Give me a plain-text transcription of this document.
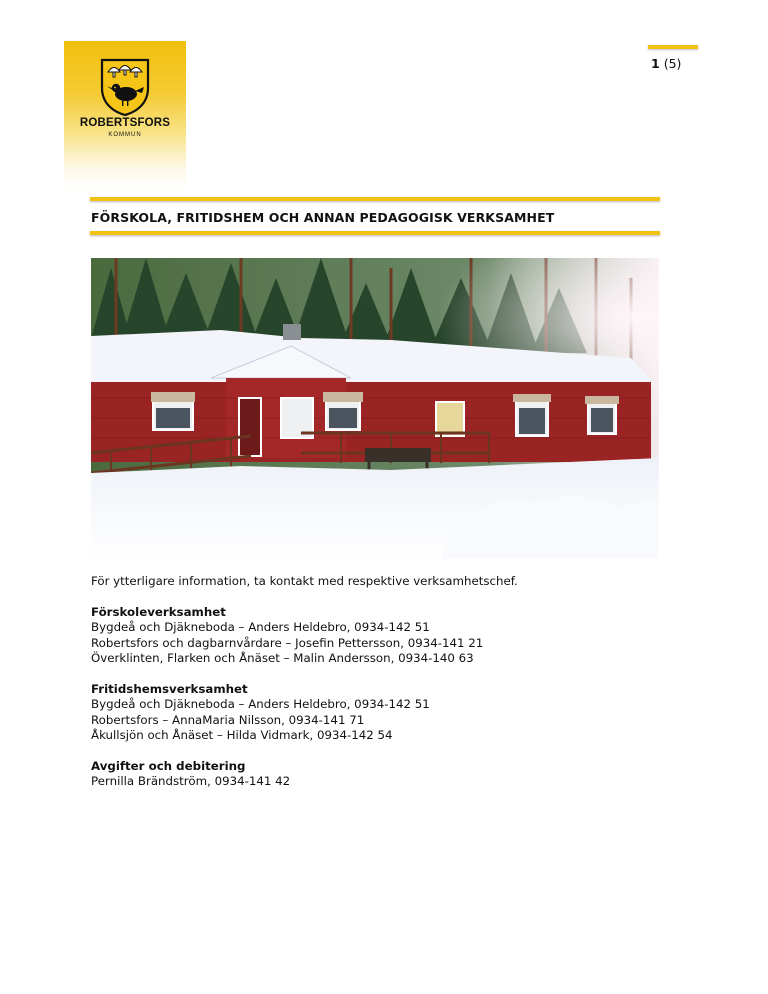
ROBERTSFORS
KOMMUN
1 (5)
FÖRSKOLA, FRITIDSHEM OCH ANNAN PEDAGOGISK VERKSAMHET

För ytterligare information, ta kontakt med respektive verksamhetschef.

Förskoleverksamhet

Bygdeå och Djäkneboda – Anders Heldebro, 0934-142 51

Robertsfors och dagbarnvårdare – Josefin Pettersson, 0934-141 21

Överklinten, Flarken och Ånäset – Malin Andersson, 0934-140 63

Fritidshemsverksamhet

Bygdeå och Djäkneboda – Anders Heldebro, 0934-142 51

Robertsfors – AnnaMaria Nilsson, 0934-141 71

Åkullsjön och Ånäset – Hilda Vidmark, 0934-142 54

Avgifter och debitering

Pernilla Brändström, 0934-141 42
